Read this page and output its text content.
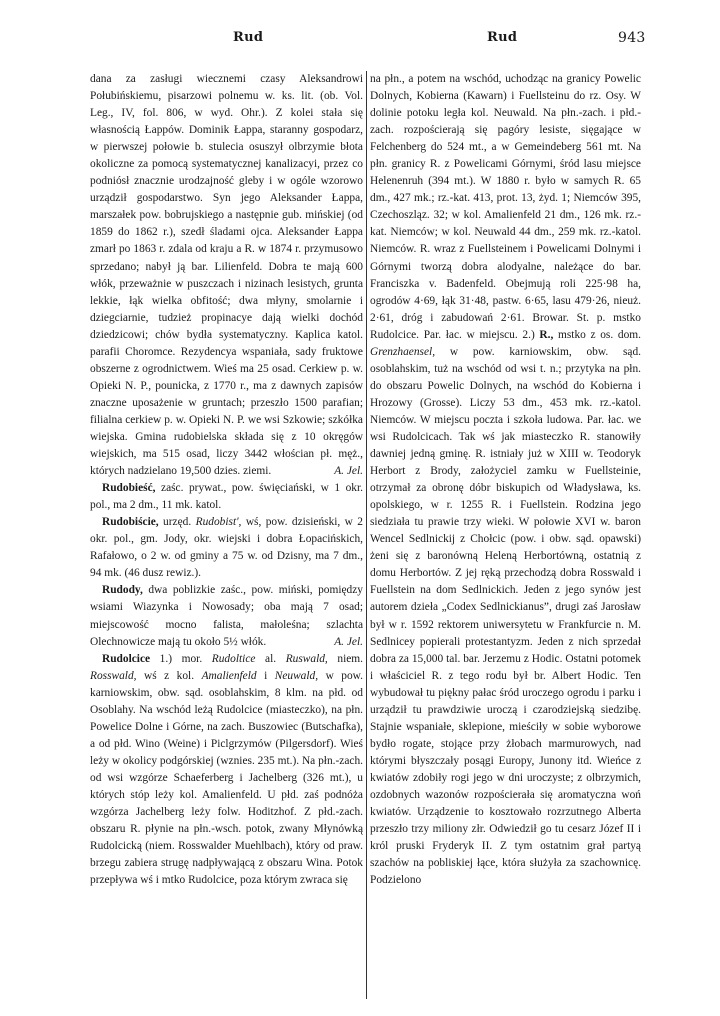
Rud	Rud	943

dana za zasługi wiecznemi czasy Aleksandrowi Połubińskiemu, pisarzowi polnemu w. ks. lit. (ob. Vol. Leg., IV, fol. 806, w wyd. Ohr.). Z kolei stała się własnością Łappów. Dominik Łappa, staranny gospodarz, w pierwszej połowie b. stulecia osuszył olbrzymie błota okoliczne za pomocą systematycznej kanalizacyi, przez co podniósł znacznie urodzajność gleby i w ogóle wzorowo urządził gospodarstwo. Syn jego Aleksander Łappa, marszałek pow. bobrujskiego a następnie gub. mińskiej (od 1859 do 1862 r.), szedł śladami ojca. Aleksander Łappa zmarł po 1863 r. zdala od kraju a R. w 1874 r. przymusowo sprzedano; nabył ją bar. Lilienfeld. Dobra te mają 600 włók, przeważnie w puszczach i nizinach lesistych, grunta lekkie, łąk wielka obfitość; dwa młyny, smolarnie i dziegciarnie, tudzież propinacye dają wielki dochód dziedzicowi; chów bydła systematyczny. Kaplica katol. parafii Choromce. Rezydencya wspaniała, sady fruktowe obszerne z ogrodnictwem. Wieś ma 25 osad. Cerkiew p. w. Opieki N. P., pounicka, z 1770 r., ma z dawnych zapisów znaczne uposażenie w gruntach; przeszło 1500 parafian; filialna cerkiew p. w. Opieki N. P. we wsi Szkowie; szkółka wiejska. Gmina rudobielska składa się z 10 okręgów wiejskich, ma 515 osad, liczy 3442 włościan pł. męż., których nadzielano 19,500 dzies. ziemi.	A. Jel.

Rudobieść, zaśc. prywat., pow. święciański, w 1 okr. pol., ma 2 dm., 11 mk. katol.

Rudobiście, urzęd. Rudobist', wś, pow. dzisieński, w 2 okr. pol., gm. Jody, okr. wiejski i dobra Łopacińskich, Rafałowo, o 2 w. od gminy a 75 w. od Dzisny, ma 7 dm., 94 mk. (46 dusz rewiz.).

Rudody, dwa poblizkie zaśc., pow. miński, pomiędzy wsiami Wiazynka i Nowosady; oba mają 7 osad; miejscowość mocno falista, małoleśna; szlachta Olechnowicze mają tu około 5½ włók.	A. Jel.

Rudolcice 1.) mor. Rudoltice al. Ruswald, niem. Rosswald, wś z kol. Amalienfeld i Neuwald, w pow. karniowskim, obw. sąd. osoblahskim, 8 klm. na płd. od Osoblahy. Na wschód leżą Rudolcice (miasteczko), na płn. Powelice Dolne i Górne, na zach. Buszowiec (Butschafka), a od płd. Wino (Weine) i Piclgrzymów (Pilgersdorf). Wieś leży w okolicy podgórskiej (wznies. 235 mt.). Na płn.-zach. od wsi wzgórze Schaeferberg i Jachelberg (326 mt.), u których stóp leży kol. Amalienfeld. U płd. zaś podnóża wzgórza Jachelberg leży folw. Hoditzhof. Z płd.-zach. obszaru R. płynie na płn.-wsch. potok, zwany Młynówką Rudolcicką (niem. Rosswalder Muehlbach), który od praw. brzegu zabiera strugę nadpływającą z obszaru Wina. Potok przepływa wś i mtko Rudolcice, poza którym zwraca się

na płn., a potem na wschód, uchodząc na granicy Powelic Dolnych, Kobierna (Kawarn) i Fuellsteinu do rz. Osy. W dolinie potoku legła kol. Neuwald. Na płn.-zach. i płd.-zach. rozpościerają się pagóry lesiste, sięgające w Felchenberg do 524 mt., a w Gemeindeberg 561 mt. Na płn. granicy R. z Powelicami Górnymi, śród lasu miejsce Helenenruh (394 mt.). W 1880 r. było w samych R. 65 dm., 427 mk.; rz.-kat. 413, prot. 13, żyd. 1; Niemców 395, Czechoszląz. 32; w kol. Amalienfeld 21 dm., 126 mk. rz.-kat. Niemców; w kol. Neuwald 44 dm., 259 mk. rz.-katol. Niemców. R. wraz z Fuellsteinem i Powelicami Dolnymi i Górnymi tworzą dobra alodyalne, należące do bar. Franciszka v. Badenfeld. Obejmują roli 225·98 ha, ogrodów 4·69, łąk 31·48, pastw. 6·65, lasu 479·26, nieuż. 2·61, dróg i zabudowań 2·61. Browar. St. p. mstko Rudolcice. Par. łac. w miejscu. 2.) R., mstko z os. dom. Grenzhaensel, w pow. karniowskim, obw. sąd. osoblahskim, tuż na wschód od wsi t. n.; przytyka na płn. do obszaru Powelic Dolnych, na wschód do Kobierna i Hrozowy (Grosse). Liczy 53 dm., 453 mk. rz.-katol. Niemców. W miejscu poczta i szkoła ludowa. Par. łac. we wsi Rudolcicach. Tak wś jak miasteczko R. stanowiły dawniej jedną gminę. R. istniały już w XIII w. Teodoryk Herbort z Brody, założyciel zamku w Fuellsteinie, otrzymał za obronę dóbr biskupich od Władysława, ks. opolskiego, w r. 1255 R. i Fuellstein. Rodzina jego siedziała tu prawie trzy wieki. W połowie XVI w. baron Wencel Sedlnickij z Chołcic (pow. i obw. sąd. opawski) żeni się z baronówną Heleną Herbortówną, ostatnią z domu Herbortów. Z jej ręką przechodzą dobra Rosswald i Fuellstein na dom Sedlnickich. Jeden z jego synów jest autorem dzieła „Codex Sedlnickianus”, drugi zaś Jarosław był w r. 1592 rektorem uniwersytetu w Frankfurcie n. M. Sedlnicey popierali protestantyzm. Jeden z nich sprzedał dobra za 15,000 tal. bar. Jerzemu z Hodic. Ostatni potomek i właściciel R. z tego rodu był br. Albert Hodic. Ten wybudował tu piękny pałac śród uroczego ogrodu i parku i urządził tu prawdziwie uroczą i czarodziejską siedzibę. Stajnie wspaniałe, sklepione, mieściły w sobie wyborowe bydło rogate, stojące przy żłobach marmurowych, nad którymi błyszczały posągi Europy, Junony itd. Wieńce z kwiatów zdobiły rogi jego w dni uroczyste; z olbrzymich, ozdobnych wazonów rozpościerała się aromatyczna woń kwiatów. Urządzenie to kosztowało rozrzutnego Alberta przeszło trzy miliony złr. Odwiedził go tu cesarz Józef II i król pruski Fryderyk II. Z tym ostatnim grał partyą szachów na pobliskiej łące, która służyła za szachownicę. Podzielono
